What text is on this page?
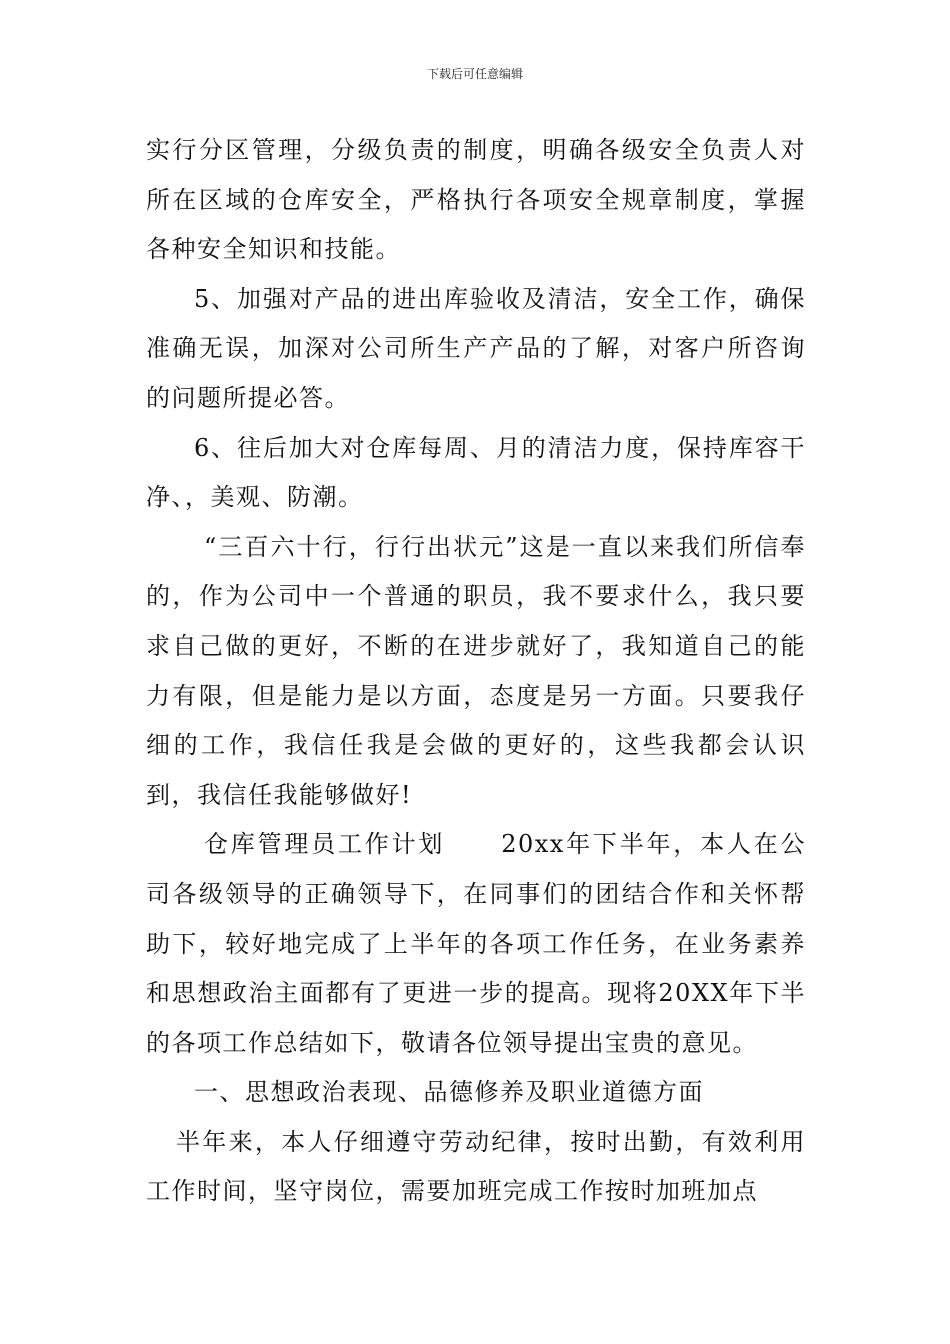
下载后可任意编辑

实行分区管理，分级负责的制度，明确各级安全负责人对所在区域的仓库安全，严格执行各项安全规章制度，掌握各种安全知识和技能。

5、加强对产品的进出库验收及清洁，安全工作，确保准确无误，加深对公司所生产产品的了解，对客户所咨询的问题所提必答。

6、往后加大对仓库每周、月的清洁力度，保持库容干净、，美观、防潮。

“三百六十行，行行出状元”这是一直以来我们所信奉的，作为公司中一个普通的职员，我不要求什么，我只要求自己做的更好，不断的在进步就好了，我知道自己的能力有限，但是能力是以方面，态度是另一方面。只要我仔细的工作，我信任我是会做的更好的，这些我都会认识到，我信任我能够做好!

仓库管理员工作计划 20xx年下半年，本人在公司各级领导的正确领导下，在同事们的团结合作和关怀帮助下，较好地完成了上半年的各项工作任务，在业务素养和思想政治主面都有了更进一步的提高。现将20XX年下半的各项工作总结如下，敬请各位领导提出宝贵的意见。

一、思想政治表现、品德修养及职业道德方面

半年来，本人仔细遵守劳动纪律，按时出勤，有效利用工作时间，坚守岗位，需要加班完成工作按时加班加点
